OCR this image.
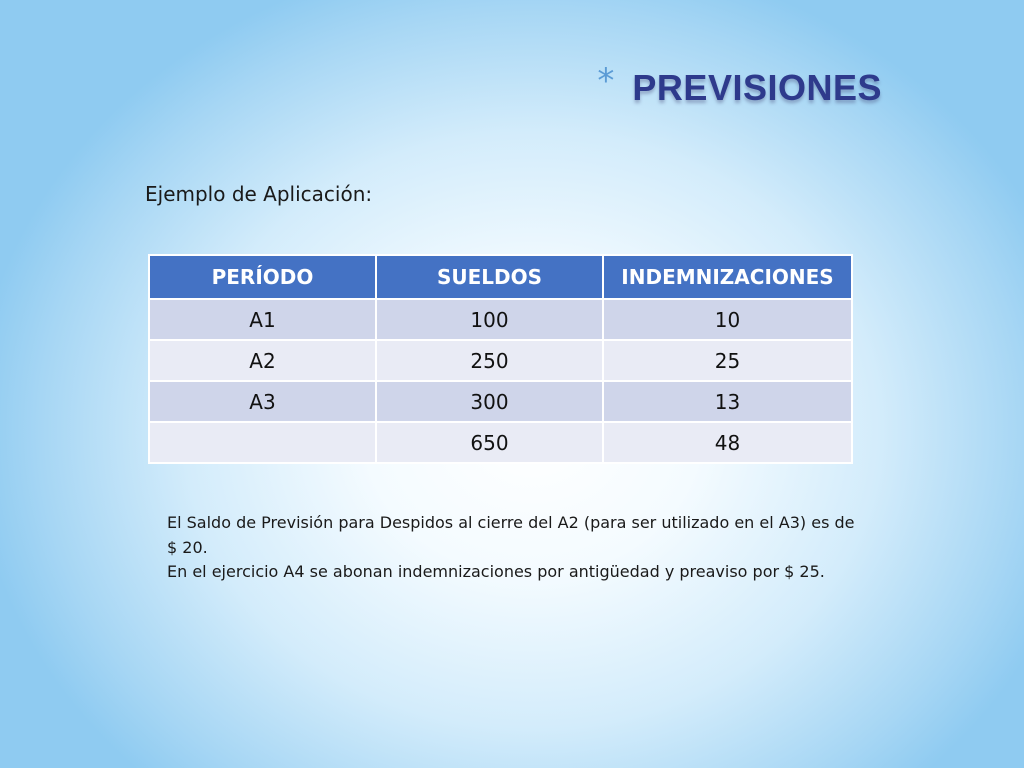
* PREVISIONES
Ejemplo de Aplicación:
PERÍODO	SUELDOS	INDEMNIZACIONES
A1	100	10
A2	250	25
A3	300	13
	650	48

El Saldo de Previsión para Despidos al cierre del A2 (para ser utilizado en el A3) es de $ 20.

En el ejercicio A4 se abonan indemnizaciones por antigüedad y preaviso por $ 25.
